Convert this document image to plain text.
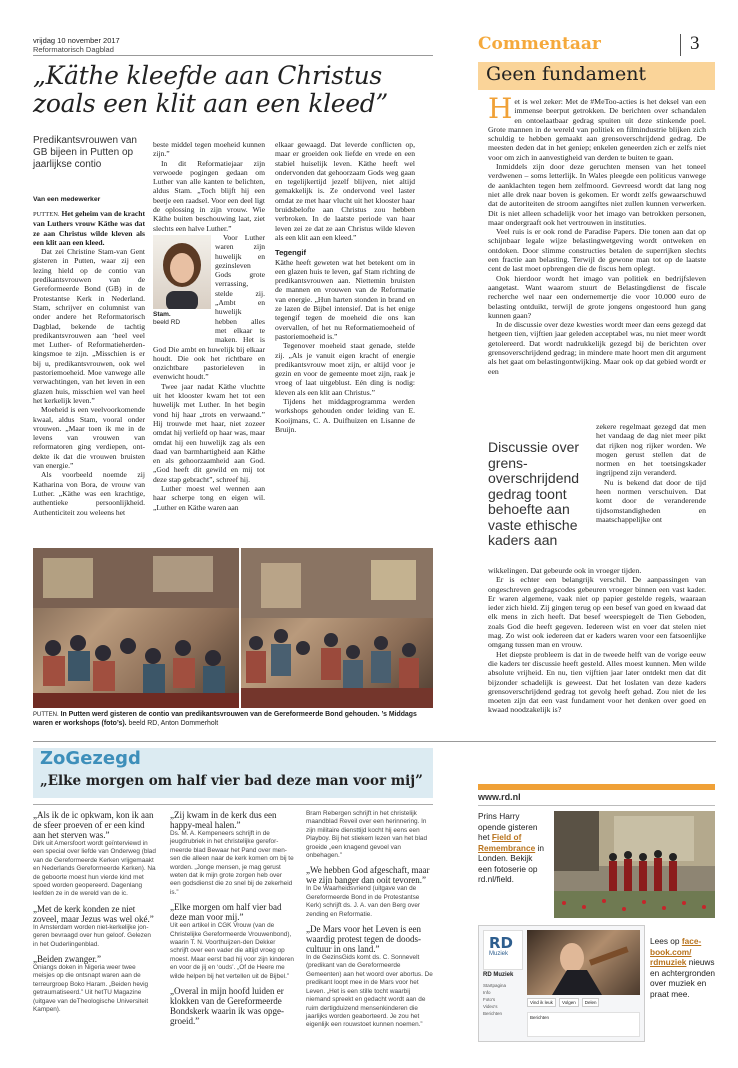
vrijdag 10 november 2017
Reformatorisch Dagblad	Commentaar	3
„Käthe kleefde aan Christus zoals een klit aan een kleed”
Predikantsvrouwen van GB bijeen in Putten op jaarlijkse contio
Van een medewerker

PUTTEN. Het geheim van de kracht van Luthers vrouw Käthe was dat ze aan Christus wilde kleven als een klit aan een kleed.

Dat zei Christine Stam-van Gent gisteren in Putten, waar zij een lezing hield op de contio van predikantsvrouwen van de Gereformeerde Bond (GB) in de Protestantse Kerk in Nederland. Stam, schrijver en columnist van onder andere het Reformatorisch Dagblad, bekende de tachtig predikantsvrouwen aan ‘heel veel met Luther- of Reformatieherdenkingsmoe te zijn. „Misschien is er bij u, predikantsvrouwen, ook wel pastoriemoeheid. Moe vanwege alle verwachtingen, van het leven in een glazen huis, misschien wel van heel het kerkelijk leven.”

Moeheid is een veelvoorkomende kwaal, aldus Stam, vooral onder vrouwen. „Maar toen ik me in de levens van vrouwen van reformatoren ging verdiepen, ontdekte ik dat die vrouwen bruisten van energie.”

Als voorbeeld noemde zij Katharina von Bora, de vrouw van Luther. „Käthe was een krachtige, authentieke persoonlijkheid. Authenticiteit zou weleens het

beste middel tegen moeheid kunnen zijn.”

In dit Reformatiejaar zijn verwoede pogingen gedaan om Luther van alle kanten te belichten, aldus Stam. „Toch blijft hij een beetje een raadsel. Voor een deel ligt de oplossing in zijn vrouw. Wie Käthe buiten beschouwing laat, ziet slechts een halve Luther.”

Stam.
beeld RD

Voor Luther waren zijn huwelijk en gezinsleven Gods grote verrassing, stelde zij. „Ambt en huwelijk hebben alles met elkaar te maken. Het is God Die ambt en huwelijk bij elkaar houdt. Die ook het richtbare en onzichtbare pastorieleven in evenwicht houdt.”

Twee jaar nadat Käthe vluchtte uit het klooster kwam het tot een huwelijk met Luther. In het begin vond hij haar „trots en verwaand.” Hij trouwde met haar, niet zozeer omdat hij verliefd op haar was, maar omdat hij een huwelijk zag als een daad van barmhartigheid aan Käthe en als gehoorzaamheid aan God. „God heeft dit gewild en mij tot deze stap gebracht”, schreef hij.

Luther moest wel wennen aan haar scherpe tong en eigen wil. „Luther en Käthe waren aan

elkaar gewaagd. Dat leverde conflicten op, maar er groeiden ook liefde en vrede en een stabiel huiselijk leven. Käthe heeft wel ondervonden dat gehoorzaam Gods weg gaan en tegelijkertijd jezelf blijven, niet altijd gemakkelijk is. Ze ondervond veel laster omdat ze met haar vlucht uit het klooster haar bruidsbelofte aan Christus zou hebben verbroken. In de laatste periode van haar leven zei ze dat ze aan Christus wilde kleven als een klit aan een kleed.”

Tegengif

Käthe heeft geweten wat het betekent om in een glazen huis te leven, gaf Stam richting de predikantsvrouwen aan. Niettemin bruisten de mannen en vrouwen van de Reformatie van energie. „Hun harten stonden in brand en ze lazen de Bijbel intensief. Dat is het enige tegengif tegen de moeheid die ons kan overvallen, of het nu Reformatiemoeheid of pastoriemoeheid is.”

Tegenover moeheid staat genade, stelde zij. „Als je vanuit eigen kracht of energie predikantsvrouw moet zijn, er altijd voor je gezin en voor de gemeente moet zijn, raak je vroeg of laat uitgeblust. Eén ding is nodig: kleven als een klit aan Christus.”

Tijdens het middagprogramma werden workshops gehouden onder leiding van E. Kooijmans, C. A. Duifhuizen en Lisanne de Bruijn.

PUTTEN. In Putten werd gisteren de contio van predikantsvrouwen van de Gereformeerde Bond gehouden. ’s Middags waren er workshops (foto’s). beeld RD, Anton Dommerholt
Geen fundament
H et is wel zeker: Met de #MeToo-acties is het deksel van een immense beerput getrokken. De berichten over schandalen en ontoelaatbaar gedrag spuiten uit deze stinkende poel. Grote mannen in de wereld van politiek en filmindustrie blijken zich schuldig te hebben gemaakt aan grensoverschrijdend gedrag. De meesten deden dat in het geniep; enkelen geneerden zich er zelfs niet voor om zich in aanvestigheid van derden te buiten te gaan.

Inmiddels zijn door deze geruchten mensen van het toneel verdwenen – soms letterlijk. In Wales pleegde een politicus vanwege de aanklachten tegen hem zelfmoord. Gevreesd wordt dat lang nog niet alle drek naar boven is gekomen. Er wordt zelfs gewaarschuwd dat de autoriteiten de stroom aangiftes niet zullen kunnen verwerken. Dit is niet alleen schadelijk voor het imago van betrokken personen, maar ondergraaft ook het vertrouwen in instituties.

Veel ruis is er ook rond de Paradise Papers. Die tonen aan dat op schijnbaar legale wijze belastingwetgeving wordt ontweken en ontdoken. Door slimme constructies betalen de superrijken slechts een fractie aan belasting. Terwijl de gewone man tot op de laatste cent de last moet opbrengen die de fiscus hem oplegt.

Ook hierdoor wordt het imago van politiek en bedrijfsleven aangetast. Want waarom stuurt de Belastingdienst de fiscale recherche wel naar een ondernemertje die voor 10.000 euro de belasting ontduikt, terwijl de grote jongens ongestoord hun gang kunnen gaan?

In de discussie over deze kwesties wordt meer dan eens gezegd dat hetgeen tien, vijftien jaar geleden acceptabel was, nu niet meer wordt getolereerd. Dat wordt nadrukkelijk gezegd bij de berichten over grensoverschrijdend gedrag; in mindere mate hoort men dit argument als het gaat om belastingontwijking. Maar ook op dat gebied wordt er een

Discussie over grensoverschrijdend gedrag toont behoefte aan vaste ethische kaders aan

zekere regelmaat gezegd dat men het vandaag de dag niet meer pikt dat rijken nog rijker worden. We mogen gerust stellen dat de normen en het toetsingskader ingrijpend zijn veranderd.

Nu is bekend dat door de tijd heen normen verschuiven. Dat komt door de veranderende tijdsomstandigheden en maatschappelijke ont

wikkelingen. Dat gebeurde ook in vroeger tijden.

Er is echter een belangrijk verschil. De aanpassingen van ongeschreven gedragscodes gebeuren vroeger binnen een vast kader. Er waren algemene, vaak niet op papier gestelde regels, waaraan ieder zich hield. Zij gingen terug op een besef van goed en kwaad dat elk mens in zich heeft. Dat besef weerspiegelt de Tien Geboden, zoals God die heeft gegeven. Iedereen wist en voer dat stelen niet mag. Zo wist ook iedereen dat er kaders waren voor een fatsoenlijke omgang tussen man en vrouw.

Het diepste probleem is dat in de tweede helft van de vorige eeuw die kaders ter discussie heeft gesteld. Alles moest kunnen. Men wilde absolute vrijheid. En nu, tien vijftien jaar later ontdekt men dat dit bijzonder schadelijk is geweest. Dat het loslaten van deze kaders grensoverschrijdend gedrag tot gevolg heeft gehad. Zou niet de les moeten zijn dat een vast fundament voor het denken over goed en kwaad noodzakelijk is?

ZoGezegd
„Elke morgen om half vier bad deze man voor mij”
„Als ik de ic opkwam, kon ik aan de sfeer proeven of er een kind aan het sterven was.”
Dirk uit Amersfoort wordt geïnterviewd in een special over liefde van Onderweg (blad van de Gereformeerde Kerken vrijgemaakt en Nederlands Gereformeerde Kerken). Na de geboorte moest hun vierde kind met spoed worden geopereerd. Dagenlang leefden ze in de wereld van de ic.
„Met de kerk konden ze niet zoveel, maar Jezus was wel oké.”
In Amsterdam worden niet-kerkelijke jongeren bevraagd over hun geloof. Gelezen in het Ouderlingenblad.
„Beiden zwanger.”
Oniangs doken in Nigeria weer twee meisjes op die ontsnapt waren aan de terreurgroep Boko Haram. „Beiden hevig getraumatiseerd.” Uit hetTU Magazine (uitgave van deTheologische Universiteit Kampen).
„Zij kwam in de kerk dus een happy-meal halen.”
Ds. M. A. Kempeneers schrijft in de jeugdrubriek in het christelijke gereformeerde blad Bewaar het Pand over mensen die alleen naar de kerk komen om bij te worden. „Jonge mensen, je mag gerust weten dat ik mijn grote zorgen heb over een godsdienst die zo snel bij de zekerheid is.”
„Elke morgen om half vier bad deze man voor mij.”
Uit een artikel in CGK Vrouw (van de Christelijke Gereformeerde Vrouwenbond), waarin T. N. Voorthuijzen-den Dekker schrijft over een vader die altijd vroeg op moest. Maar eerst bad hij voor zijn kinderen en voor de jij en ‘ouds’. „Of de Heere me wilde helpen bij het vertellen uit de Bijbel.”
„Overal in mijn hoofd luiden er klokken van de Gereformeerde Bondskerk waarin ik was opgegroeid.”
Bram Rebergen schrijft in het christelijk maandblad Reveil over een herinnering. In zijn militaire diensttijd kocht hij eens een Playboy. Bij het stiekem lezen van het blad groeide „een knagend gevoel van onbehagen.”
„We hebben God afgeschaft, maar we zijn banger dan ooit tevoren.”
In De Waarheidsvriend (uitgave van de Gereformeerde Bond in de Protestantse Kerk) schrijft ds. J. A. van den Berg over zending en Reformatie.
„De Mars voor het Leven is een waardig protest tegen de doodscultuur in ons land.”
In de GezinsGids komt ds. C. Sonnevelt (predikant van de Gereformeerde Gemeenten) aan het woord over abortus. De predikant loopt mee in de Mars voor het Leven. „Het is een stille tocht waarbij niemand spreekt en gedacht wordt aan de ruim dertigduizend mensenkinderen die jaarlijks worden geaborteerd. Je zou het eigenlijk een rouwstoet kunnen noemen.”
www.rd.nl
Prins Harry opende gisteren het Field of Remembrance in Londen. Bekijk een fotoserie op rd.nl/field.
RD
Muziek
RD Muziek
Startpagina
Info
Foto's
Video's
Berichten
Vind ik leuk	Volgen	Delen
Berichten
Lees op facebook.com/ rdmuziek nieuws en achtergronden over muziek en praat mee.
